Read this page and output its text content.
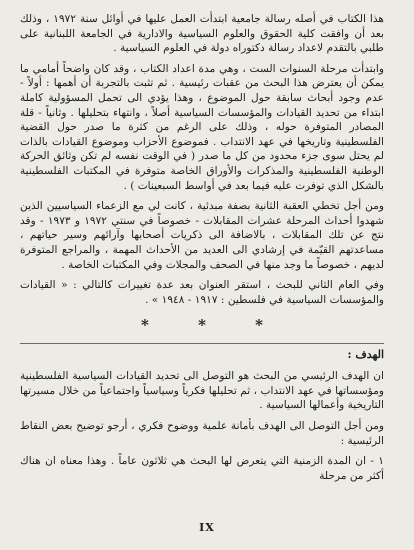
هذا الكتاب في أصله رسالة جامعية ابتدأت العمل عليها في أوائل سنة ١٩٧٢ ، وذلك بعد أن وافقت كلية الحقوق والعلوم السياسية والادارية في الجامعة اللبنانية على طلبي بالتقدم لاعداد رسالة دكتوراه دولة في العلوم السياسية .

وابتدأت مرحلة السنوات الست ، وهي مدة اعداد الكتاب ، وقد كان واضحاً أمامي ما يمكن أن يعترض هذا البحث من عقبات رئيسية . ثم تثبت بالتجربة أن أهمها : أولاً - عدم وجود أبحاث سابقة حول الموضوع ، وهذا يؤدي الى تحمل المسؤولية كاملة ابتداء من تحديد القيادات والمؤسسات السياسية أصلاً ، وانتهاء بتحليلها . وثانياً - قلة المصادر المتوفرة حوله ، وذلك على الرغم من كثرة ما صدر حول القضية الفلسطينية وتاريخها في عهد الانتداب . فموضوع الأحزاب وموضوع القيادات بالذات لم يحتل سوى جزء محدود من كل ما صدر ( في الوقت نفسه لم تكن وثائق الحركة الوطنية الفلسطينية والمذكرات والأوراق الخاصة متوفرة في المكتبات الفلسطينية بالشكل الذي توفرت عليه فيما بعد في أواسط السبعينات ) .

ومن أجل تخطي العقبة الثانية بصفة مبدئية ، كانت لي مع الزعماء السياسيين الذين شهدوا أحداث المرحلة عشرات المقابلات - خصوصاً في سنتي ١٩٧٢ و ١٩٧٣ - وقد نتج عن تلك المقابلات ، بالاضافة الى ذكريات أصحابها وآرائهم وسير حياتهم ، مساعدتهم القيّمة في إرشادي الى العديد من الأحداث المهمة ، والمراجع المتوفرة لديهم ، خصوصاً ما وجد منها في الصحف والمجلات وفي المكتبات الخاصة .

وفي العام الثاني للبحث ، استقر العنوان بعد عدة تغييرات كالتالي : « القيادات والمؤسسات السياسية في فلسطين : ١٩١٧ - ١٩٤٨ » .

* * *
الهدف :

ان الهدف الرئيسي من البحث هو التوصل الى تحديد القيادات السياسية الفلسطينية ومؤسساتها في عهد الانتداب ، ثم تحليلها فكرياً وسياسياً واجتماعياً من خلال مسيرتها التاريخية وأعمالها السياسية .

ومن أجل التوصل الى الهدف بأمانة علمية ووضوح فكري ، أرجو توضيح بعض النقاط الرئيسية :

١ - ان المدة الزمنية التي يتعرض لها البحث هي ثلاثون عاماً . وهذا معناه ان هناك أكثر من مرحلة

IX
